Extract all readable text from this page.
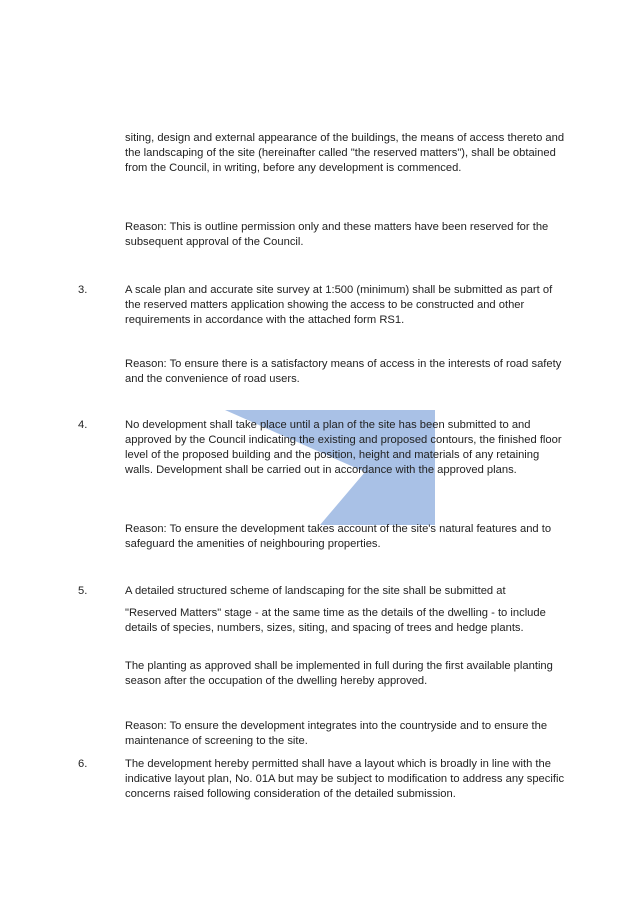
siting, design and external appearance of the buildings, the means of access thereto and the landscaping of the site (hereinafter called "the reserved matters"), shall be obtained from the Council, in writing, before any development is commenced.

Reason: This is outline permission only and these matters have been reserved for the subsequent approval of the Council.

3.	A scale plan and accurate site survey at 1:500 (minimum) shall be submitted as part of the reserved matters application showing the access to be constructed and other requirements in accordance with the attached form RS1.

Reason: To ensure there is a satisfactory means of access in the interests of road safety and the convenience of road users.

4.	No development shall take place until a plan of the site has been submitted to and approved by the Council indicating the existing and proposed contours, the finished floor level of the proposed building and the position, height and materials of any retaining walls. Development shall be carried out in accordance with the approved plans.

Reason: To ensure the development takes account of the site's natural features and to safeguard the amenities of neighbouring properties.

5.	A detailed structured scheme of landscaping for the site shall be submitted at

"Reserved Matters" stage - at the same time as the details of the dwelling - to include details of species, numbers, sizes, siting, and spacing of trees and hedge plants.

The planting as approved shall be implemented in full during the first available planting season after the occupation of the dwelling hereby approved.

Reason: To ensure the development integrates into the countryside and to ensure the maintenance of screening to the site.

6.	The development hereby permitted shall have a layout which is broadly in line with the indicative layout plan, No. 01A but may be subject to modification to address any specific concerns raised following consideration of the detailed submission.
